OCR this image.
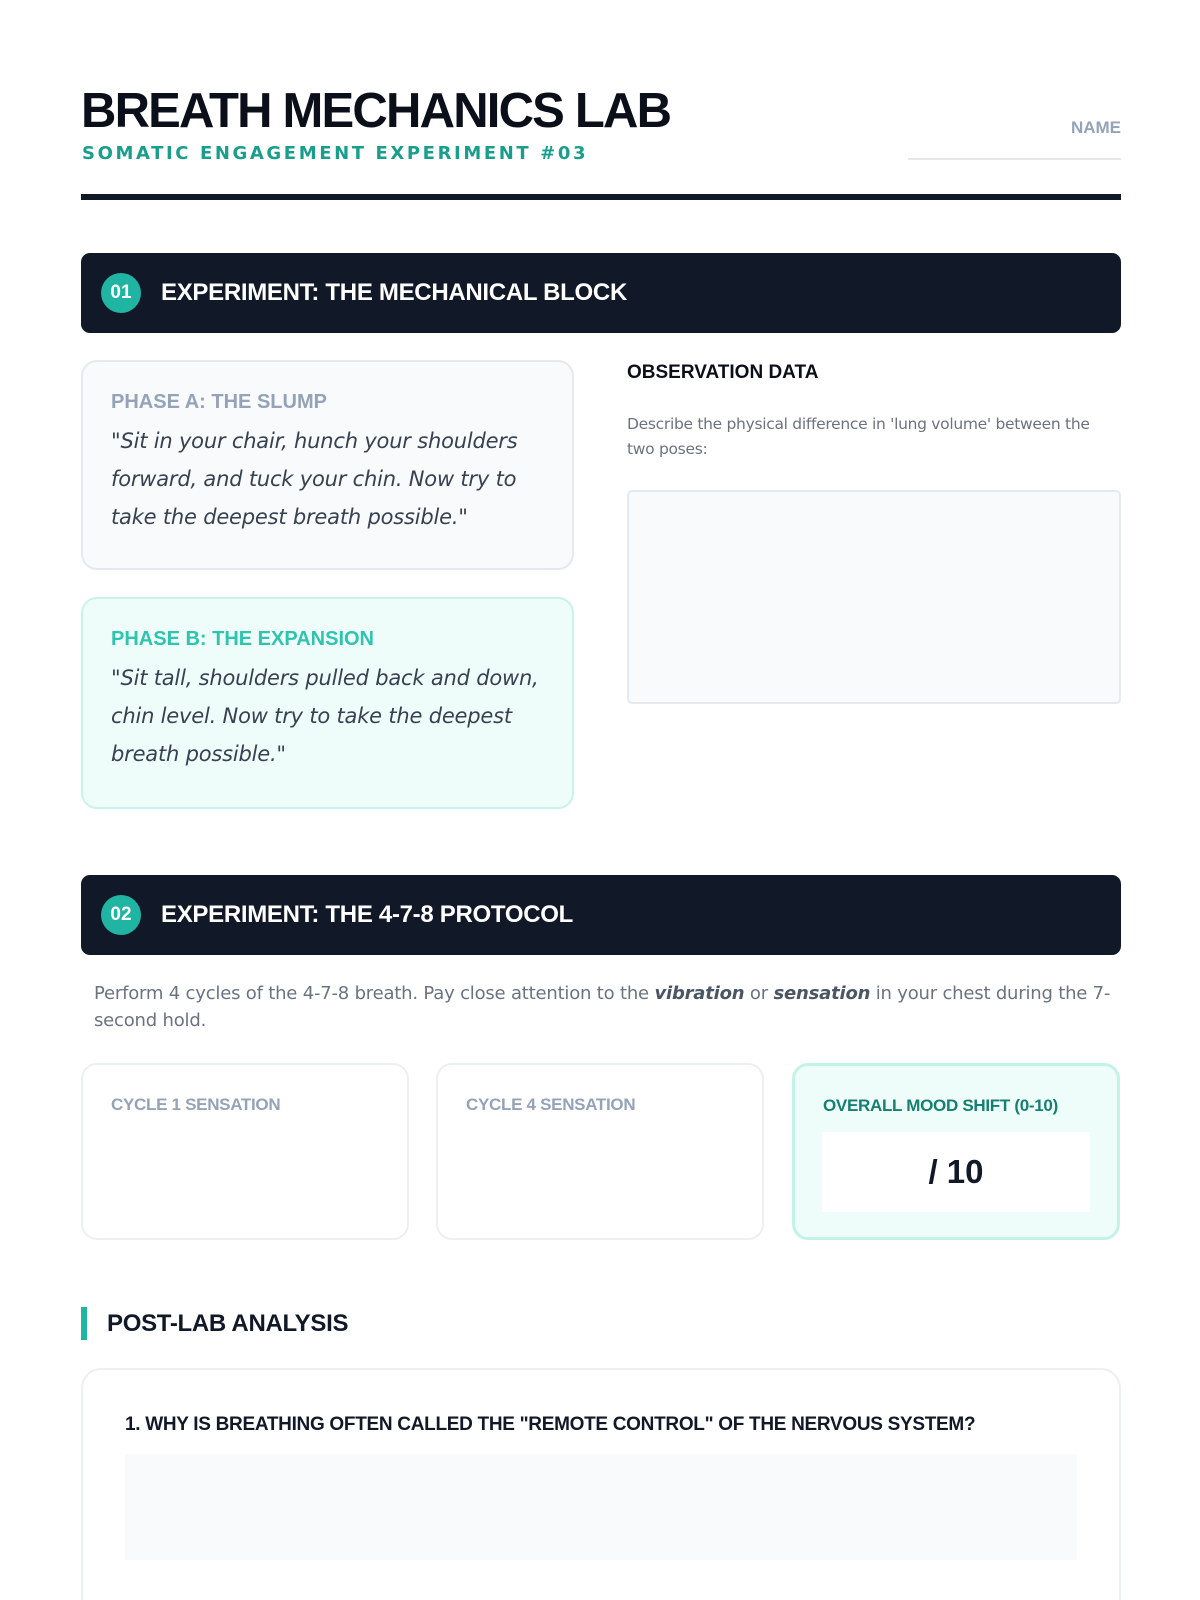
BREATH MECHANICS LAB
SOMATIC ENGAGEMENT EXPERIMENT #03
NAME
01	EXPERIMENT: THE MECHANICAL BLOCK
PHASE A: THE SLUMP
"Sit in your chair, hunch your shoulders forward, and tuck your chin. Now try to take the deepest breath possible."
PHASE B: THE EXPANSION
"Sit tall, shoulders pulled back and down, chin level. Now try to take the deepest breath possible."
OBSERVATION DATA
Describe the physical difference in 'lung volume' between the two poses:
02	EXPERIMENT: THE 4-7-8 PROTOCOL
Perform 4 cycles of the 4-7-8 breath. Pay close attention to the vibration or sensation in your chest during the 7-second hold.
CYCLE 1 SENSATION	CYCLE 4 SENSATION	OVERALL MOOD SHIFT (0-10)
/ 10
POST-LAB ANALYSIS
1. WHY IS BREATHING OFTEN CALLED THE "REMOTE CONTROL" OF THE NERVOUS SYSTEM?
